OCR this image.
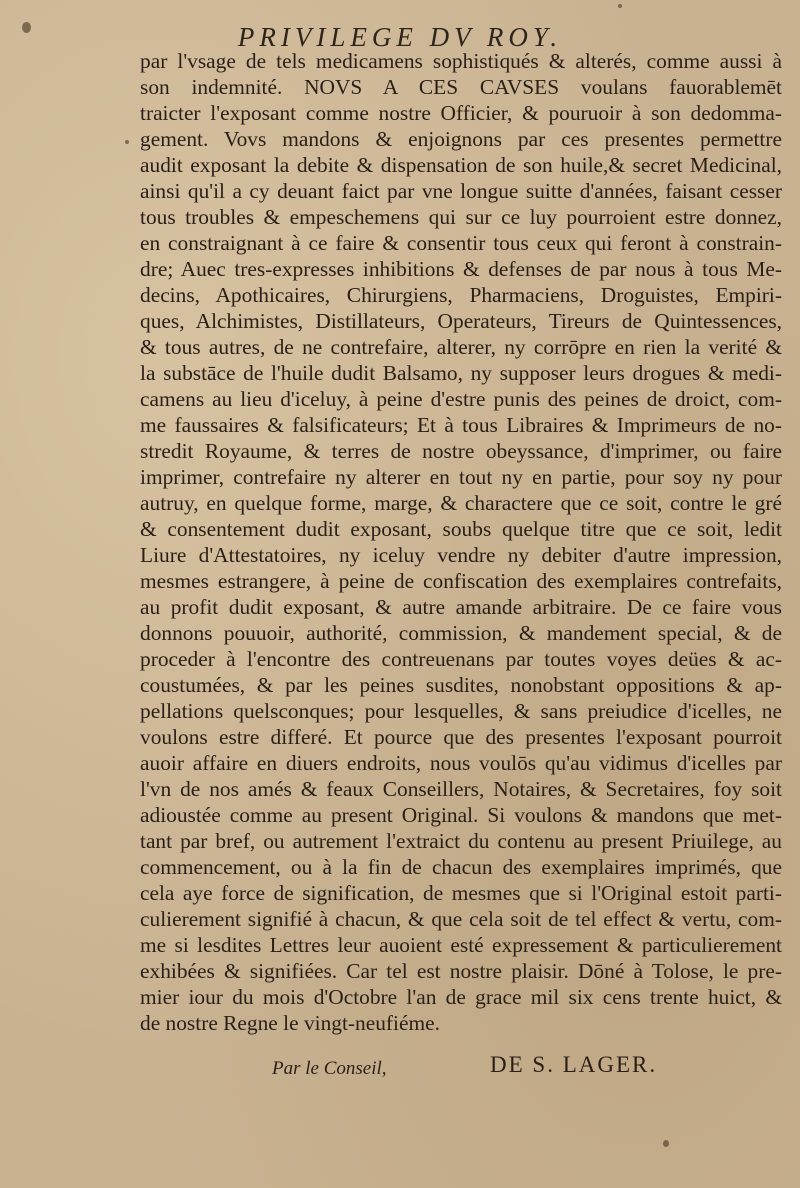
PRIVILEGE DV ROY.
par l'vsage de tels medicamens sophistiqués & alterés, comme aussi à
son indemnité. NOVS A CES CAVSES voulans fauorablemēt
traicter l'exposant comme nostre Officier, & pouruoir à son dedomma-
gement. Vovs mandons & enjoignons par ces presentes permettre
audit exposant la debite & dispensation de son huile,& secret Medicinal,
ainsi qu'il a cy deuant faict par vne longue suitte d'années, faisant cesser
tous troubles & empeschemens qui sur ce luy pourroient estre donnez,
en constraignant à ce faire & consentir tous ceux qui feront à constrain-
dre; Auec tres-expresses inhibitions & defenses de par nous à tous Me-
decins, Apothicaires, Chirurgiens, Pharmaciens, Droguistes, Empiri-
ques, Alchimistes, Distillateurs, Operateurs, Tireurs de Quintessences,
& tous autres, de ne contrefaire, alterer, ny corrōpre en rien la verité &
la substāce de l'huile dudit Balsamo, ny supposer leurs drogues & medi-
camens au lieu d'iceluy, à peine d'estre punis des peines de droict, com-
me faussaires & falsificateurs; Et à tous Libraires & Imprimeurs de no-
stredit Royaume, & terres de nostre obeyssance, d'imprimer, ou faire
imprimer, contrefaire ny alterer en tout ny en partie, pour soy ny pour
autruy, en quelque forme, marge, & charactere que ce soit, contre le gré
& consentement dudit exposant, soubs quelque titre que ce soit, ledit
Liure d'Attestatoires, ny iceluy vendre ny debiter d'autre impression,
mesmes estrangere, à peine de confiscation des exemplaires contrefaits,
au profit dudit exposant, & autre amande arbitraire. De ce faire vous
donnons pouuoir, authorité, commission, & mandement special, & de
proceder à l'encontre des contreuenans par toutes voyes deües & ac-
coustumées, & par les peines susdites, nonobstant oppositions & ap-
pellations quelsconques; pour lesquelles, & sans preiudice d'icelles, ne
voulons estre differé. Et pource que des presentes l'exposant pourroit
auoir affaire en diuers endroits, nous voulōs qu'au vidimus d'icelles par
l'vn de nos amés & feaux Conseillers, Notaires, & Secretaires, foy soit
adioustée comme au present Original. Si voulons & mandons que met-
tant par bref, ou autrement l'extraict du contenu au present Priuilege, au
commencement, ou à la fin de chacun des exemplaires imprimés, que
cela aye force de signification, de mesmes que si l'Original estoit parti-
culierement signifié à chacun, & que cela soit de tel effect & vertu, com-
me si lesdites Lettres leur auoient esté expressement & particulierement
exhibées & signifiées. Car tel est nostre plaisir. Dōné à Tolose, le pre-
mier iour du mois d'Octobre l'an de grace mil six cens trente huict, &
de nostre Regne le vingt-neufiéme.
Par le Conseil,	DE S. LAGER.
